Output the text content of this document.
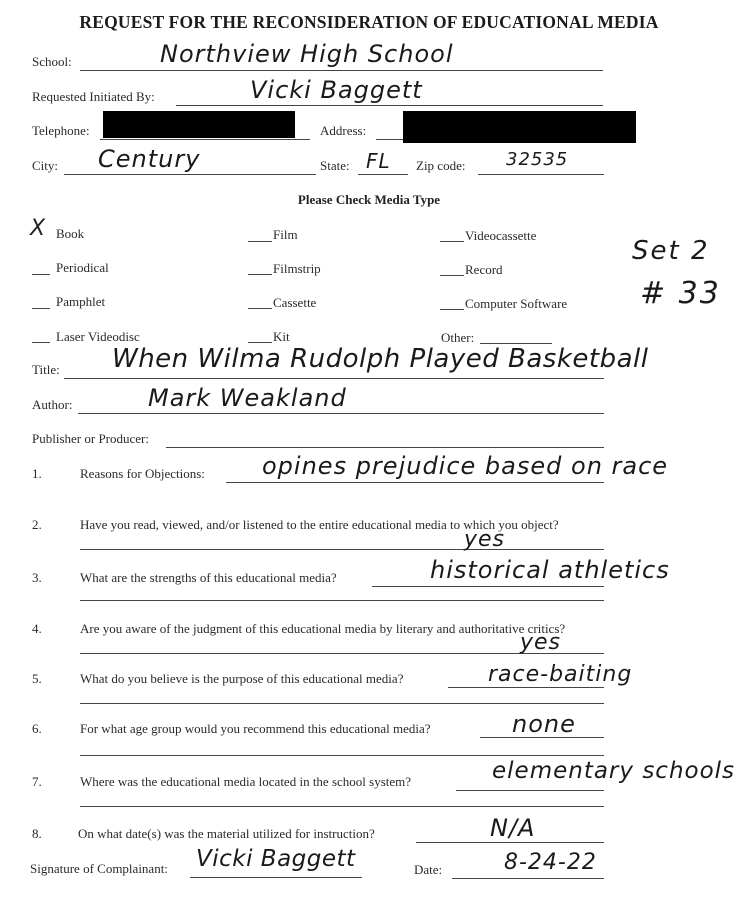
REQUEST FOR THE RECONSIDERATION OF EDUCATIONAL MEDIA
School:	Northview High School
Requested Initiated By:	Vicki Baggett
Telephone:	Address:
City: Century	State: FL Zip code: 32535
Please Check Media Type
X Book	Film	Videocassette
Periodical	Filmstrip	Record
Pamphlet	Cassette	Computer Software
Laser Videodisc	Kit	Other:
Set 2
# 33
Title: When Wilma Rudolph Played Basketball
Author:	Mark Weakland
Publisher or Producer:
1.	Reasons for Objections: opines prejudice based on race
2.	Have you read, viewed, and/or listened to the entire educational media to which you object?
yes
3.	What are the strengths of this educational media?	historical athletics
4.	Are you aware of the judgment of this educational media by literary and authoritative critics?
yes
5.	What do you believe is the purpose of this educational media?	race-baiting
6.	For what age group would you recommend this educational media?	none
7.	Where was the educational media located in the school system?	elementary schools
8.	On what date(s) was the material utilized for instruction?	N/A
Signature of Complainant: Vicki Baggett	Date:	8-24-22
